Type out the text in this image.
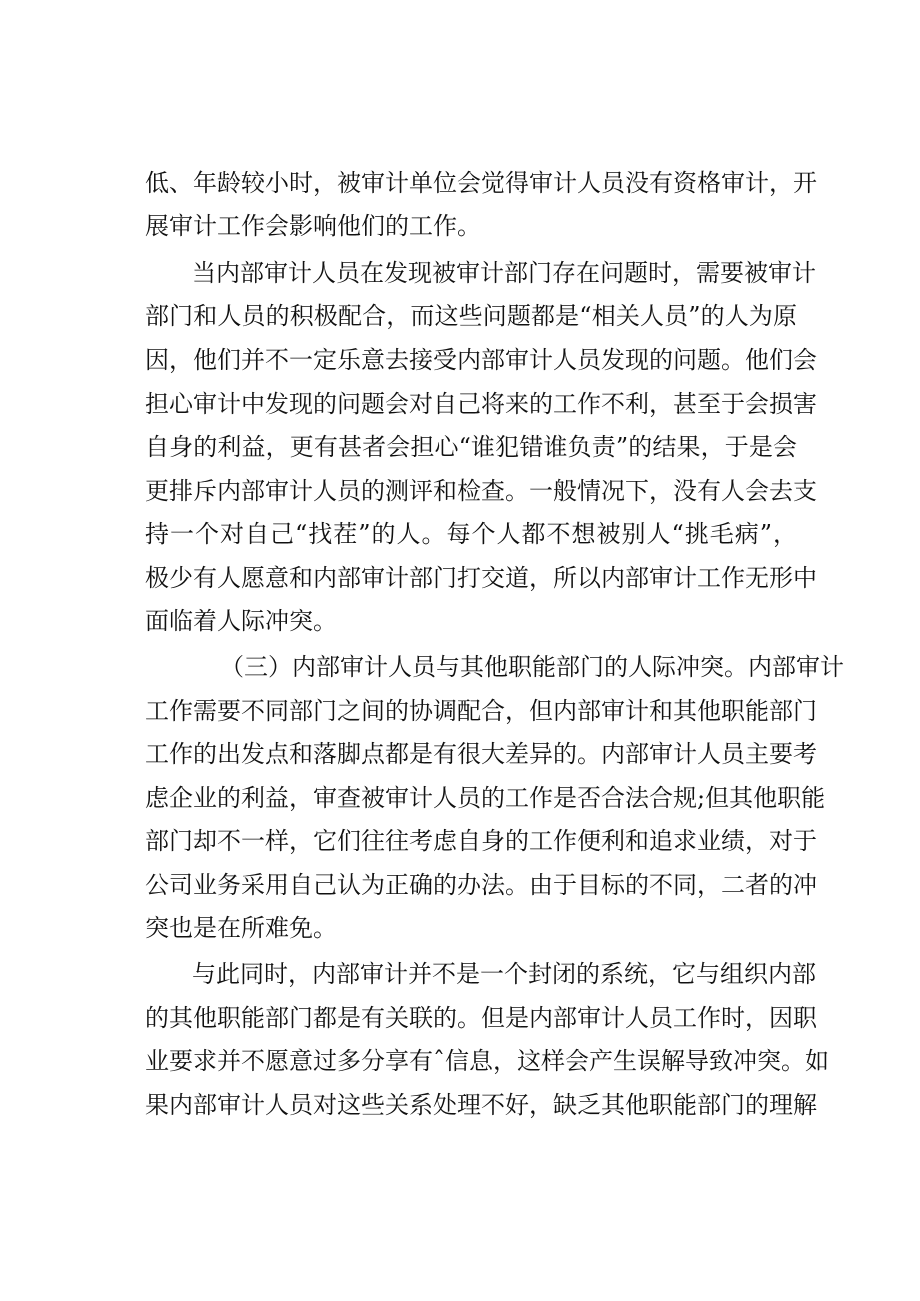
低、年龄较小时，被审计单位会觉得审计人员没有资格审计，开
展审计工作会影响他们的工作。
当内部审计人员在发现被审计部门存在问题时，需要被审计
部门和人员的积极配合，而这些问题都是“相关人员”的人为原
因，他们并不一定乐意去接受内部审计人员发现的问题。他们会
担心审计中发现的问题会对自己将来的工作不利，甚至于会损害
自身的利益，更有甚者会担心“谁犯错谁负责”的结果，于是会
更排斥内部审计人员的测评和检查。一般情况下，没有人会去支
持一个对自己“找茬”的人。每个人都不想被别人“挑毛病”，
极少有人愿意和内部审计部门打交道，所以内部审计工作无形中
面临着人际冲突。
（三）内部审计人员与其他职能部门的人际冲突。内部审计
工作需要不同部门之间的协调配合，但内部审计和其他职能部门
工作的出发点和落脚点都是有很大差异的。内部审计人员主要考
虑企业的利益，审查被审计人员的工作是否合法合规;但其他职能
部门却不一样，它们往往考虑自身的工作便利和追求业绩，对于
公司业务采用自己认为正确的办法。由于目标的不同，二者的冲
突也是在所难免。
与此同时，内部审计并不是一个封闭的系统，它与组织内部
的其他职能部门都是有关联的。但是内部审计人员工作时，因职
业要求并不愿意过多分享有ˆ信息，这样会产生误解导致冲突。如
果内部审计人员对这些关系处理不好，缺乏其他职能部门的理解
